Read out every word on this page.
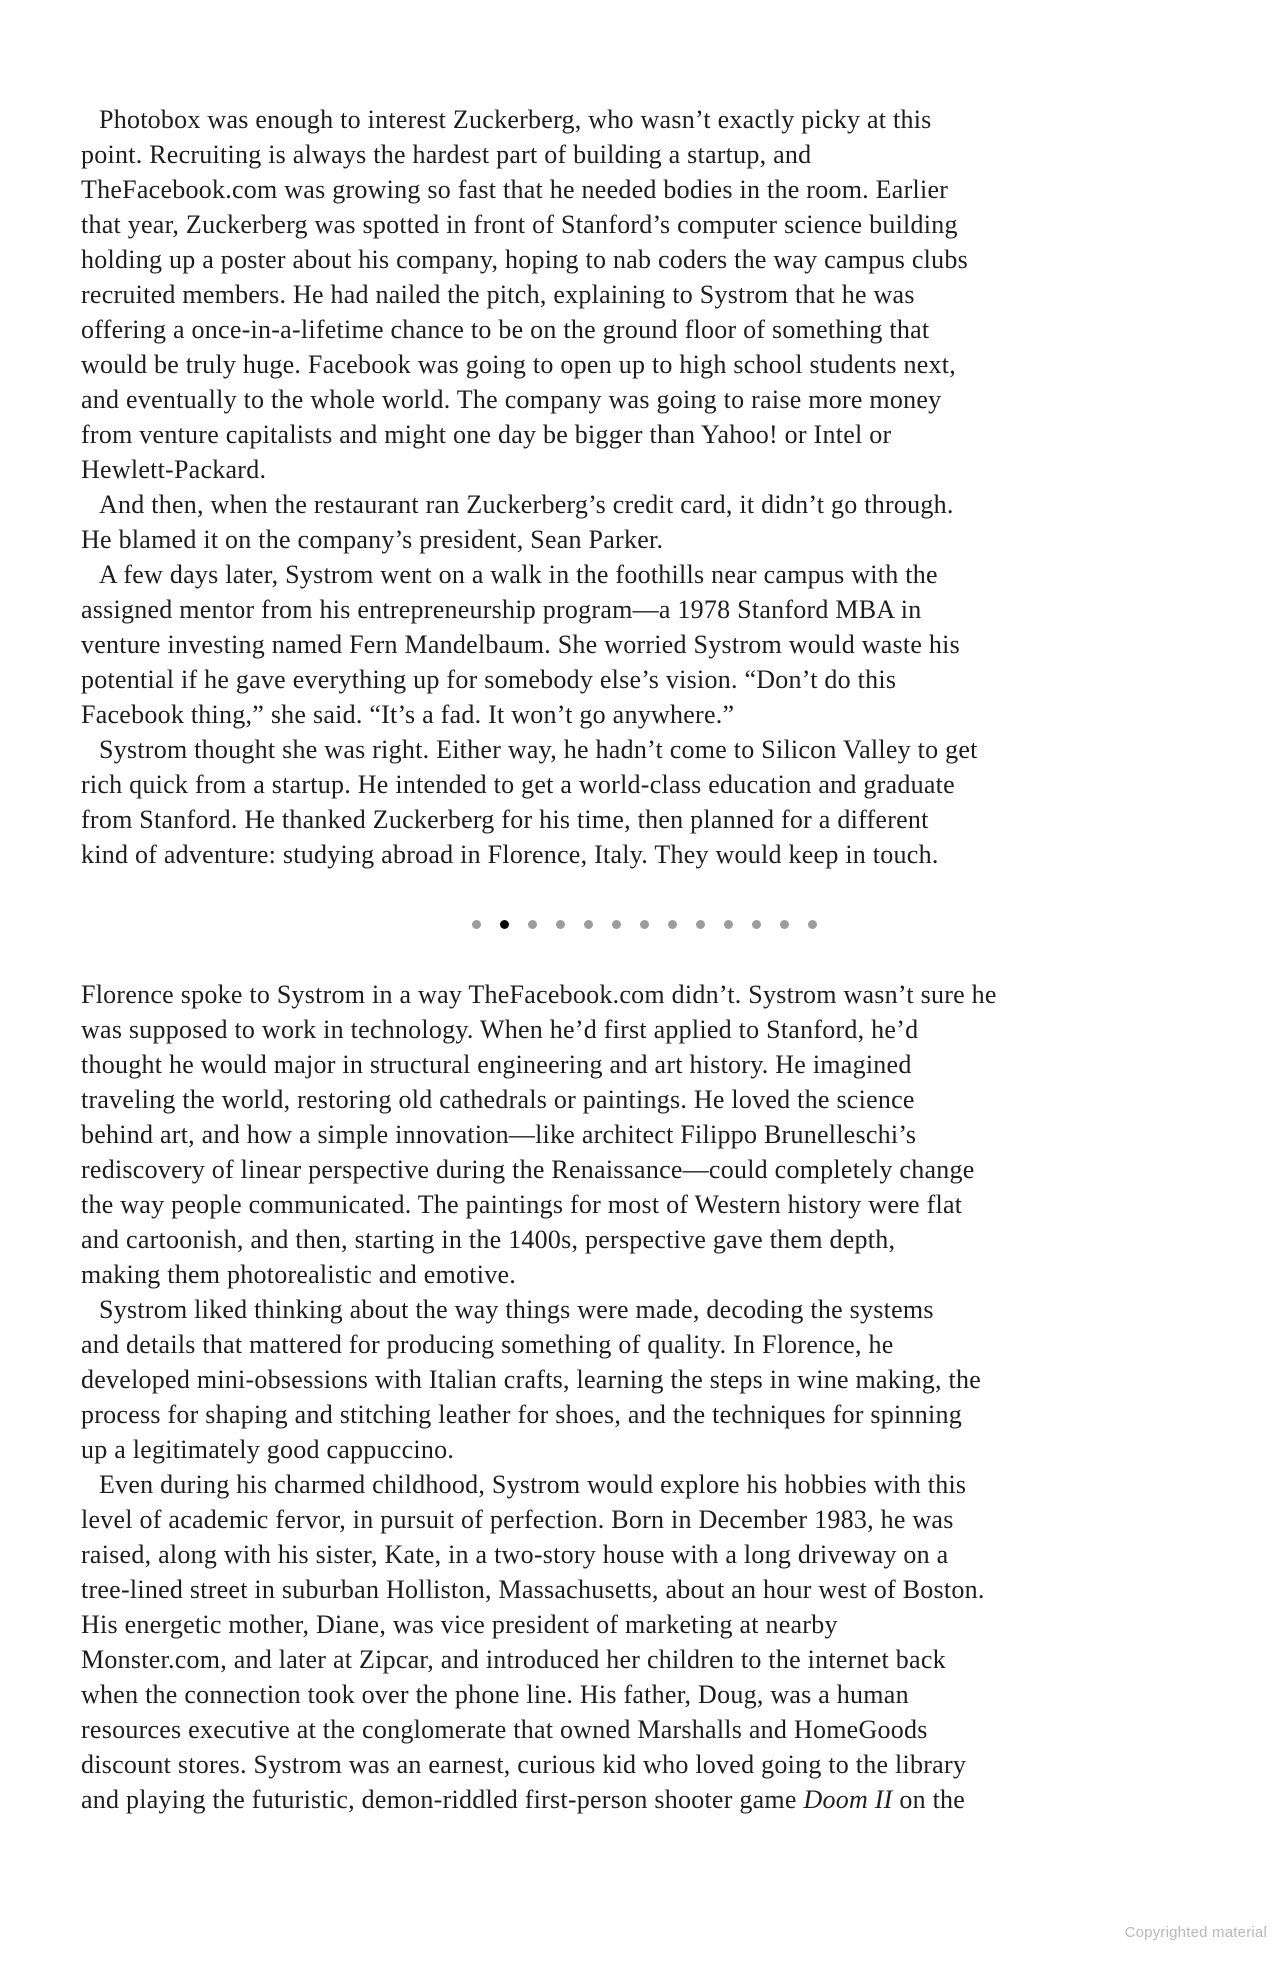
Photobox was enough to interest Zuckerberg, who wasn’t exactly picky at this
point. Recruiting is always the hardest part of building a startup, and
TheFacebook.com was growing so fast that he needed bodies in the room. Earlier
that year, Zuckerberg was spotted in front of Stanford’s computer science building
holding up a poster about his company, hoping to nab coders the way campus clubs
recruited members. He had nailed the pitch, explaining to Systrom that he was
offering a once-in-a-lifetime chance to be on the ground floor of something that
would be truly huge. Facebook was going to open up to high school students next,
and eventually to the whole world. The company was going to raise more money
from venture capitalists and might one day be bigger than Yahoo! or Intel or
Hewlett-Packard.
And then, when the restaurant ran Zuckerberg’s credit card, it didn’t go through.
He blamed it on the company’s president, Sean Parker.
A few days later, Systrom went on a walk in the foothills near campus with the
assigned mentor from his entrepreneurship program—a 1978 Stanford MBA in
venture investing named Fern Mandelbaum. She worried Systrom would waste his
potential if he gave everything up for somebody else’s vision. “Don’t do this
Facebook thing,” she said. “It’s a fad. It won’t go anywhere.”
Systrom thought she was right. Either way, he hadn’t come to Silicon Valley to get
rich quick from a startup. He intended to get a world-class education and graduate
from Stanford. He thanked Zuckerberg for his time, then planned for a different
kind of adventure: studying abroad in Florence, Italy. They would keep in touch.
Florence spoke to Systrom in a way TheFacebook.com didn’t. Systrom wasn’t sure he
was supposed to work in technology. When he’d first applied to Stanford, he’d
thought he would major in structural engineering and art history. He imagined
traveling the world, restoring old cathedrals or paintings. He loved the science
behind art, and how a simple innovation—like architect Filippo Brunelleschi’s
rediscovery of linear perspective during the Renaissance—could completely change
the way people communicated. The paintings for most of Western history were flat
and cartoonish, and then, starting in the 1400s, perspective gave them depth,
making them photorealistic and emotive.
Systrom liked thinking about the way things were made, decoding the systems
and details that mattered for producing something of quality. In Florence, he
developed mini-obsessions with Italian crafts, learning the steps in wine making, the
process for shaping and stitching leather for shoes, and the techniques for spinning
up a legitimately good cappuccino.
Even during his charmed childhood, Systrom would explore his hobbies with this
level of academic fervor, in pursuit of perfection. Born in December 1983, he was
raised, along with his sister, Kate, in a two-story house with a long driveway on a
tree-lined street in suburban Holliston, Massachusetts, about an hour west of Boston.
His energetic mother, Diane, was vice president of marketing at nearby
Monster.com, and later at Zipcar, and introduced her children to the internet back
when the connection took over the phone line. His father, Doug, was a human
resources executive at the conglomerate that owned Marshalls and HomeGoods
discount stores. Systrom was an earnest, curious kid who loved going to the library
and playing the futuristic, demon-riddled first-person shooter game Doom II on the
Copyrighted material
